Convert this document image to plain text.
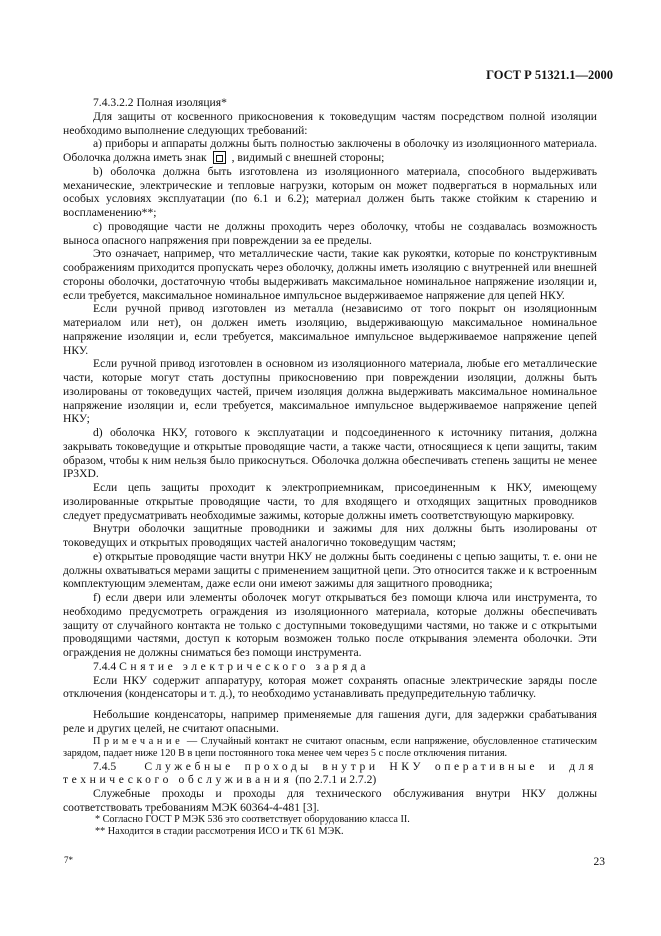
ГОСТ Р 51321.1—2000

7.4.3.2.2 Полная изоляция*

Для защиты от косвенного прикосновения к токоведущим частям посредством полной изоляции необходимо выполнение следующих требований:

а) приборы и аппараты должны быть полностью заключены в оболочку из изоляционного материала. Оболочка должна иметь знак , видимый с внешней стороны;

b) оболочка должна быть изготовлена из изоляционного материала, способного выдерживать механические, электрические и тепловые нагрузки, которым он может подвергаться в нормальных или особых условиях эксплуатации (по 6.1 и 6.2); материал должен быть также стойким к старению и воспламенению**;

с) проводящие части не должны проходить через оболочку, чтобы не создавалась возможность выноса опасного напряжения при повреждении за ее пределы.

Это означает, например, что металлические части, такие как рукоятки, которые по конструктивным соображениям приходится пропускать через оболочку, должны иметь изоляцию с внутренней или внешней стороны оболочки, достаточную чтобы выдерживать максимальное номинальное напряжение изоляции и, если требуется, максимальное номинальное импульсное выдерживаемое напряжение для цепей НКУ.

Если ручной привод изготовлен из металла (независимо от того покрыт он изоляционным материалом или нет), он должен иметь изоляцию, выдерживающую максимальное номинальное напряжение изоляции и, если требуется, максимальное импульсное выдерживаемое напряжение цепей НКУ.

Если ручной привод изготовлен в основном из изоляционного материала, любые его металлические части, которые могут стать доступны прикосновению при повреждении изоляции, должны быть изолированы от токоведущих частей, причем изоляция должна выдерживать максимальное номинальное напряжение изоляции и, если требуется, максимальное импульсное выдерживаемое напряжение цепей НКУ;

d) оболочка НКУ, готового к эксплуатации и подсоединенного к источнику питания, должна закрывать токоведущие и открытые проводящие части, а также части, относящиеся к цепи защиты, таким образом, чтобы к ним нельзя было прикоснуться. Оболочка должна обеспечивать степень защиты не менее IP3XD.

Если цепь защиты проходит к электроприемникам, присоединенным к НКУ, имеющему изолированные открытые проводящие части, то для входящего и отходящих защитных проводников следует предусматривать необходимые зажимы, которые должны иметь соответствующую маркировку.

Внутри оболочки защитные проводники и зажимы для них должны быть изолированы от токоведущих и открытых проводящих частей аналогично токоведущим частям;

е) открытые проводящие части внутри НКУ не должны быть соединены с цепью защиты, т. е. они не должны охватываться мерами защиты с применением защитной цепи. Это относится также и к встроенным комплектующим элементам, даже если они имеют зажимы для защитного проводника;

f) если двери или элементы оболочек могут открываться без помощи ключа или инструмента, то необходимо предусмотреть ограждения из изоляционного материала, которые должны обеспечивать защиту от случайного контакта не только с доступными токоведущими частями, но также и с открытыми проводящими частями, доступ к которым возможен только после открывания элемента оболочки. Эти ограждения не должны сниматься без помощи инструмента.

7.4.4 Снятие электрического заряда

Если НКУ содержит аппаратуру, которая может сохранять опасные электрические заряды после отключения (конденсаторы и т. д.), то необходимо устанавливать предупредительную табличку.

Небольшие конденсаторы, например применяемые для гашения дуги, для задержки срабатывания реле и других целей, не считают опасными.

Примечание — Случайный контакт не считают опасным, если напряжение, обусловленное статическим зарядом, падает ниже 120 В в цепи постоянного тока менее чем через 5 с после отключения питания.

7.4.5 Служебные проходы внутри НКУ оперативные и для технического обслуживания (по 2.7.1 и 2.7.2)

Служебные проходы и проходы для технического обслуживания внутри НКУ должны соответствовать требованиям МЭК 60364-4-481 [3].

* Согласно ГОСТ Р МЭК 536 это соответствует оборудованию класса II.
** Находится в стадии рассмотрения ИСО и ТК 61 МЭК.
7*	23
